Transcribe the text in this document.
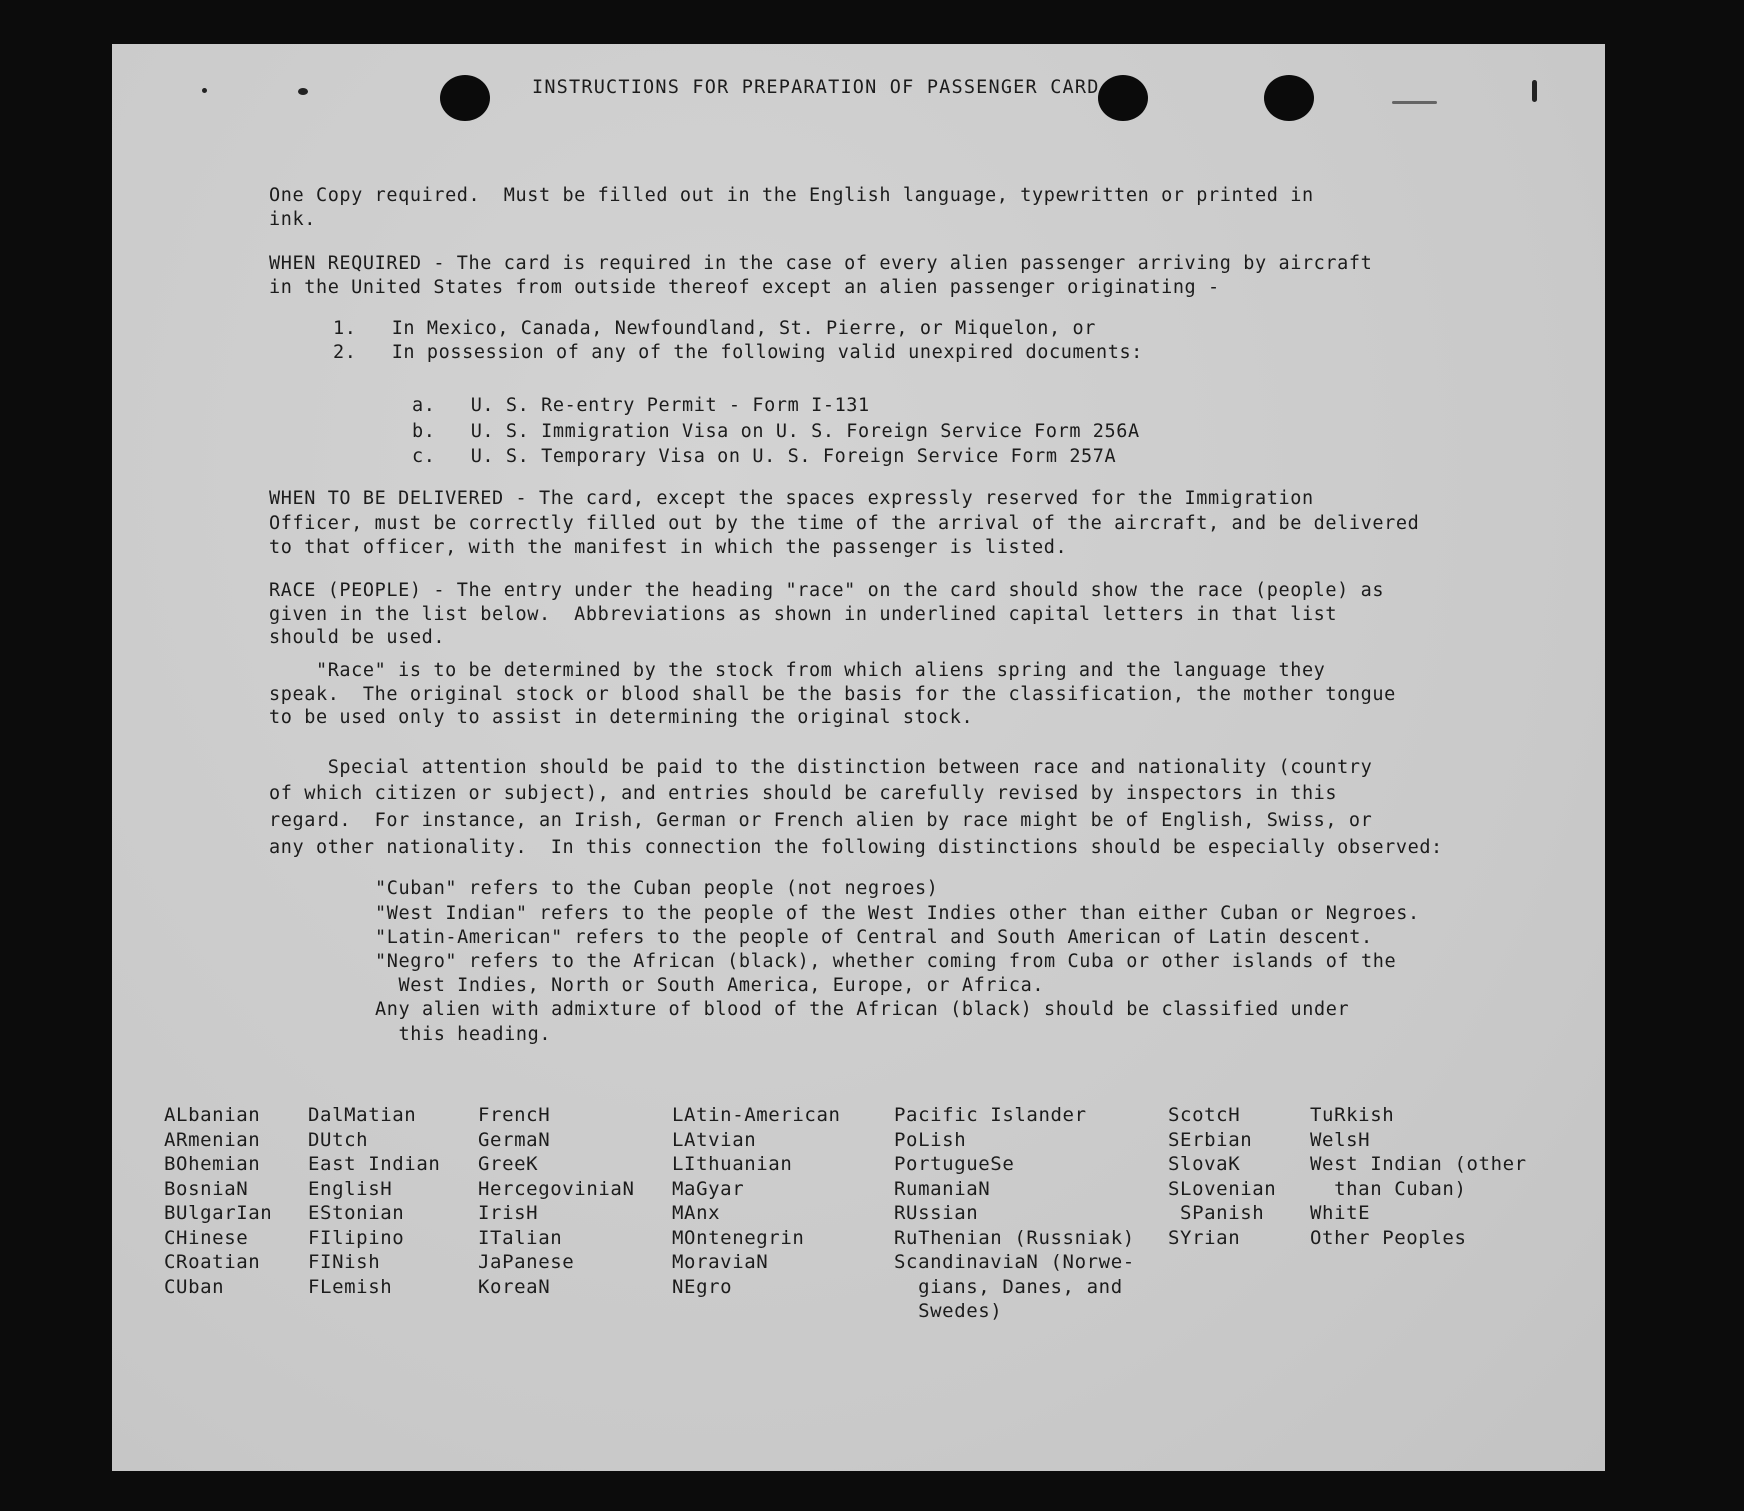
INSTRUCTIONS FOR PREPARATION OF PASSENGER CARD

One Copy required.  Must be filled out in the English language, typewritten or printed in
ink.

WHEN REQUIRED - The card is required in the case of every alien passenger arriving by aircraft
in the United States from outside thereof except an alien passenger originating -

1.   In Mexico, Canada, Newfoundland, St. Pierre, or Miquelon, or
2.   In possession of any of the following valid unexpired documents:

a.   U. S. Re-entry Permit - Form I-131
b.   U. S. Immigration Visa on U. S. Foreign Service Form 256A
c.   U. S. Temporary Visa on U. S. Foreign Service Form 257A

WHEN TO BE DELIVERED - The card, except the spaces expressly reserved for the Immigration
Officer, must be correctly filled out by the time of the arrival of the aircraft, and be delivered
to that officer, with the manifest in which the passenger is listed.

RACE (PEOPLE) - The entry under the heading "race" on the card should show the race (people) as
given in the list below.  Abbreviations as shown in underlined capital letters in that list
should be used.

"Race" is to be determined by the stock from which aliens spring and the language they
speak.  The original stock or blood shall be the basis for the classification, the mother tongue
to be used only to assist in determining the original stock.

Special attention should be paid to the distinction between race and nationality (country
of which citizen or subject), and entries should be carefully revised by inspectors in this
regard.  For instance, an Irish, German or French alien by race might be of English, Swiss, or
any other nationality.  In this connection the following distinctions should be especially observed:

"Cuban" refers to the Cuban people (not negroes)
"West Indian" refers to the people of the West Indies other than either Cuban or Negroes.
"Latin-American" refers to the people of Central and South American of Latin descent.
"Negro" refers to the African (black), whether coming from Cuba or other islands of the
West Indies, North or South America, Europe, or Africa.
Any alien with admixture of blood of the African (black) should be classified under
this heading.

ALbanian
ARmenian
BOhemian
BosniaN
BUlgarIan
CHinese
CRoatian
CUban

DalMatian
DUtch
East Indian
EnglisH
EStonian
FIlipino
FINish
FLemish

FrencH
GermaN
GreeK
HercegoviniaN
IrisH
ITalian
JaPanese
KoreaN

LAtin-American
LAtvian
LIthuanian
MaGyar
MAnx
MOntenegrin
MoraviaN
NEgro

Pacific Islander
PoLish
PortugueSe
RumaniaN
RUssian
RuThenian (Russniak)
ScandinaviaN (Norwe-
gians, Danes, and
Swedes)

ScotcH
SErbian
SlovaK
SLovenian
SPanish
SYrian

TuRkish
WelsH
West Indian (other
than Cuban)
WhitE
Other Peoples
